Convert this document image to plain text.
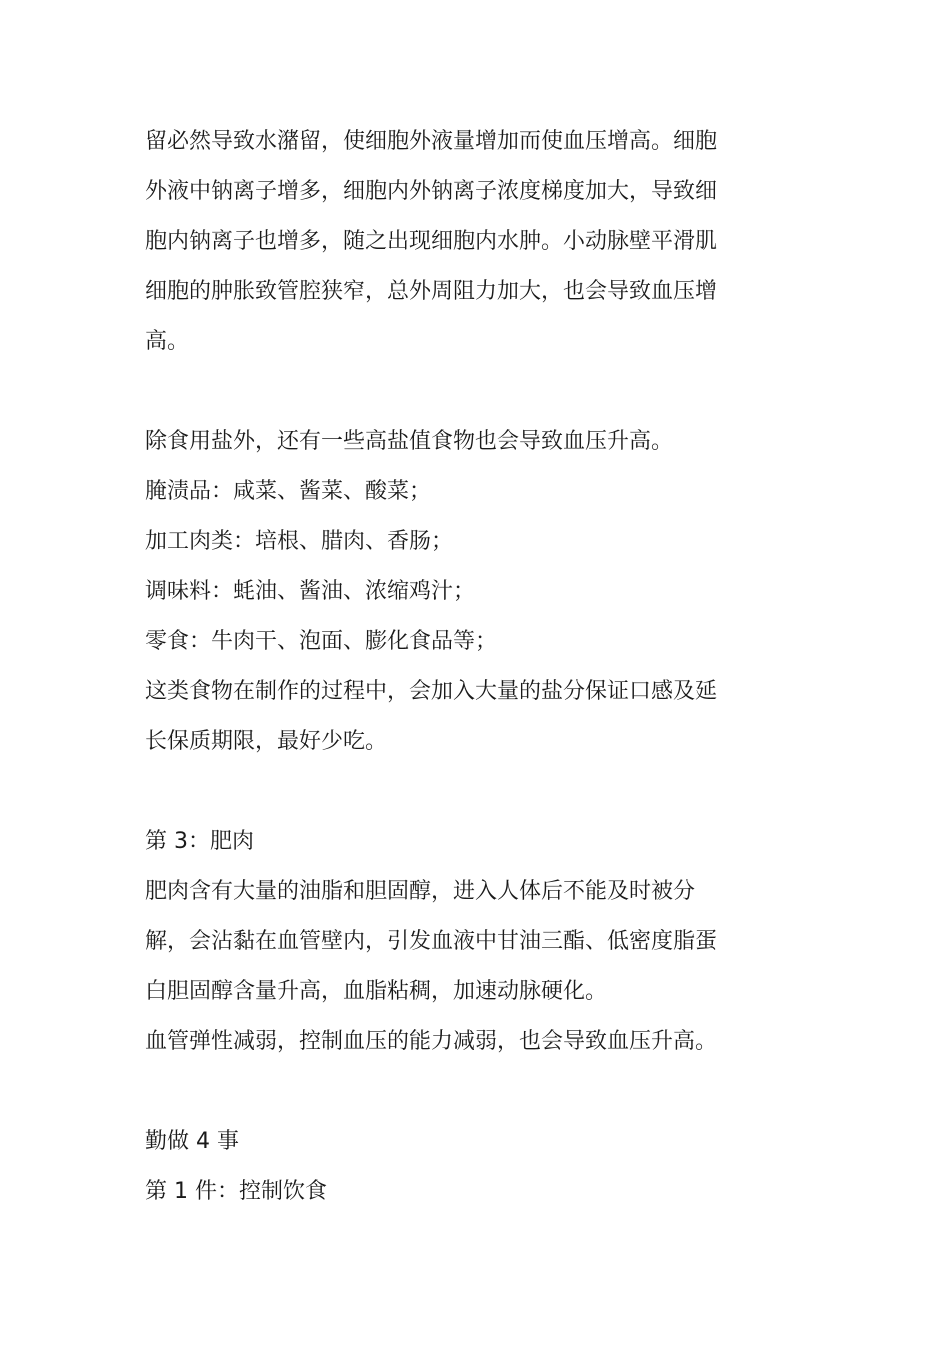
留必然导致水潴留，使细胞外液量增加而使血压增高。细胞

外液中钠离子增多，细胞内外钠离子浓度梯度加大，导致细

胞内钠离子也增多，随之出现细胞内水肿。小动脉壁平滑肌

细胞的肿胀致管腔狭窄，总外周阻力加大，也会导致血压增

高。

除食用盐外，还有一些高盐值食物也会导致血压升高。

腌渍品：咸菜、酱菜、酸菜；

加工肉类：培根、腊肉、香肠；

调味料：蚝油、酱油、浓缩鸡汁；

零食：牛肉干、泡面、膨化食品等；

这类食物在制作的过程中，会加入大量的盐分保证口感及延

长保质期限，最好少吃。

第 3：肥肉

肥肉含有大量的油脂和胆固醇，进入人体后不能及时被分

解，会沾黏在血管壁内，引发血液中甘油三酯、低密度脂蛋

白胆固醇含量升高，血脂粘稠，加速动脉硬化。

血管弹性减弱，控制血压的能力减弱，也会导致血压升高。

勤做 4 事

第 1 件：控制饮食
